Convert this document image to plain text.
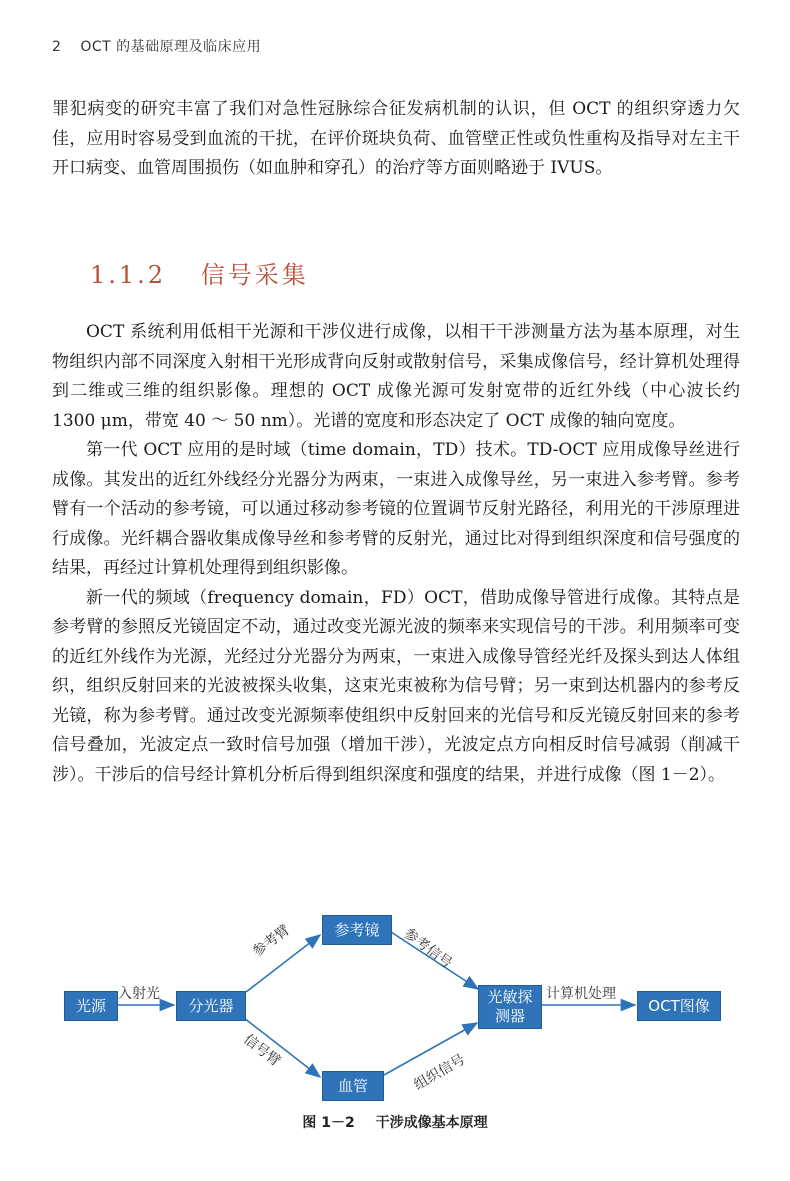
2 OCT 的基础原理及临床应用

罪犯病变的研究丰富了我们对急性冠脉综合征发病机制的认识，但 OCT 的组织穿透力欠佳，应用时容易受到血流的干扰，在评价斑块负荷、血管壁正性或负性重构及指导对左主干开口病变、血管周围损伤（如血肿和穿孔）的治疗等方面则略逊于 IVUS。

1.1.2 信号采集

OCT 系统利用低相干光源和干涉仪进行成像，以相干干涉测量方法为基本原理，对生物组织内部不同深度入射相干光形成背向反射或散射信号，采集成像信号，经计算机处理得到二维或三维的组织影像。理想的 OCT 成像光源可发射宽带的近红外线（中心波长约 1300 μm，带宽 40 ～ 50 nm）。光谱的宽度和形态决定了 OCT 成像的轴向宽度。

第一代 OCT 应用的是时域（time domain，TD）技术。TD-OCT 应用成像导丝进行成像。其发出的近红外线经分光器分为两束，一束进入成像导丝，另一束进入参考臂。参考臂有一个活动的参考镜，可以通过移动参考镜的位置调节反射光路径，利用光的干涉原理进行成像。光纤耦合器收集成像导丝和参考臂的反射光，通过比对得到组织深度和信号强度的结果，再经过计算机处理得到组织影像。

新一代的频域（frequency domain，FD）OCT，借助成像导管进行成像。其特点是参考臂的参照反光镜固定不动，通过改变光源光波的频率来实现信号的干涉。利用频率可变的近红外线作为光源，光经过分光器分为两束，一束进入成像导管经光纤及探头到达人体组织，组织反射回来的光波被探头收集，这束光束被称为信号臂；另一束到达机器内的参考反光镜，称为参考臂。通过改变光源频率使组织中反射回来的光信号和反光镜反射回来的参考信号叠加，光波定点一致时信号加强（增加干涉），光波定点方向相反时信号减弱（削减干涉）。干涉后的信号经计算机分析后得到组织深度和强度的结果，并进行成像（图 1－2）。

光源	分光器
参考镜
血管
光敏探测器
OCT图像
入射光
参考臂
信号臂
参考信号
组织信号
计算机处理
图 1－2 干涉成像基本原理
